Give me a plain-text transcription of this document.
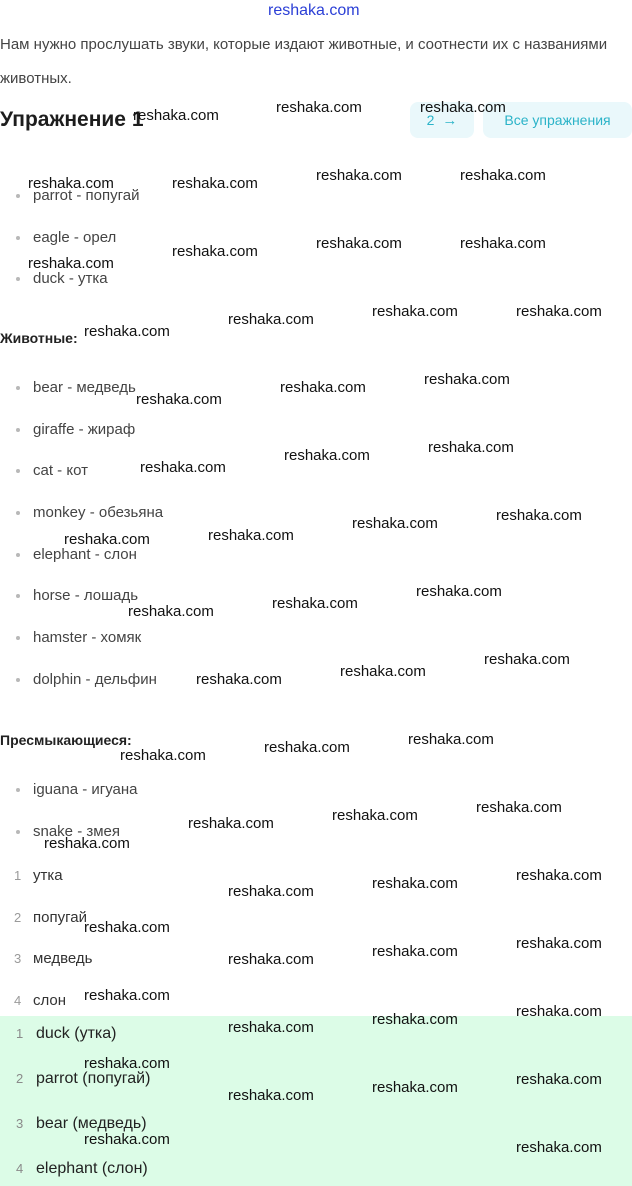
reshaka.com

Нам нужно прослушать звуки, которые издают животные, и соотнести их с названиями животных.

Упражнение 1	2 →	Все упражнения
parrot - попугай
eagle - орел
duck - утка
Животные:
bear - медведь
giraffe - жираф
cat - кот
monkey - обезьяна
elephant - слон
horse - лошадь
hamster - хомяк
dolphin - дельфин
Пресмыкающиеся:
iguana - игуана
snake - змея
1 утка
2 попугай
3 медведь
4 слон
1 duck (утка)
2 parrot (попугай)
3 bear (медведь)
4 elephant (слон)
reshaka.com	reshaka.com	reshaka.com
reshaka.com	reshaka.com	reshaka.com	reshaka.com
reshaka.com	reshaka.com	reshaka.com
reshaka.com
reshaka.com	reshaka.com	reshaka.com
reshaka.com
reshaka.com	reshaka.com
reshaka.com
reshaka.com	reshaka.com
reshaka.com
reshaka.com	reshaka.com
reshaka.com
reshaka.com
reshaka.com
reshaka.com
reshaka.com
reshaka.com
reshaka.com
reshaka.com
reshaka.com	reshaka.com
reshaka.com
reshaka.com	reshaka.com
reshaka.com
reshaka.com
reshaka.com	reshaka.com	reshaka.com
reshaka.com
reshaka.com	reshaka.com	reshaka.com
reshaka.com
reshaka.com	reshaka.com	reshaka.com
reshaka.com
reshaka.com	reshaka.com	reshaka.com
reshaka.com	reshaka.com
